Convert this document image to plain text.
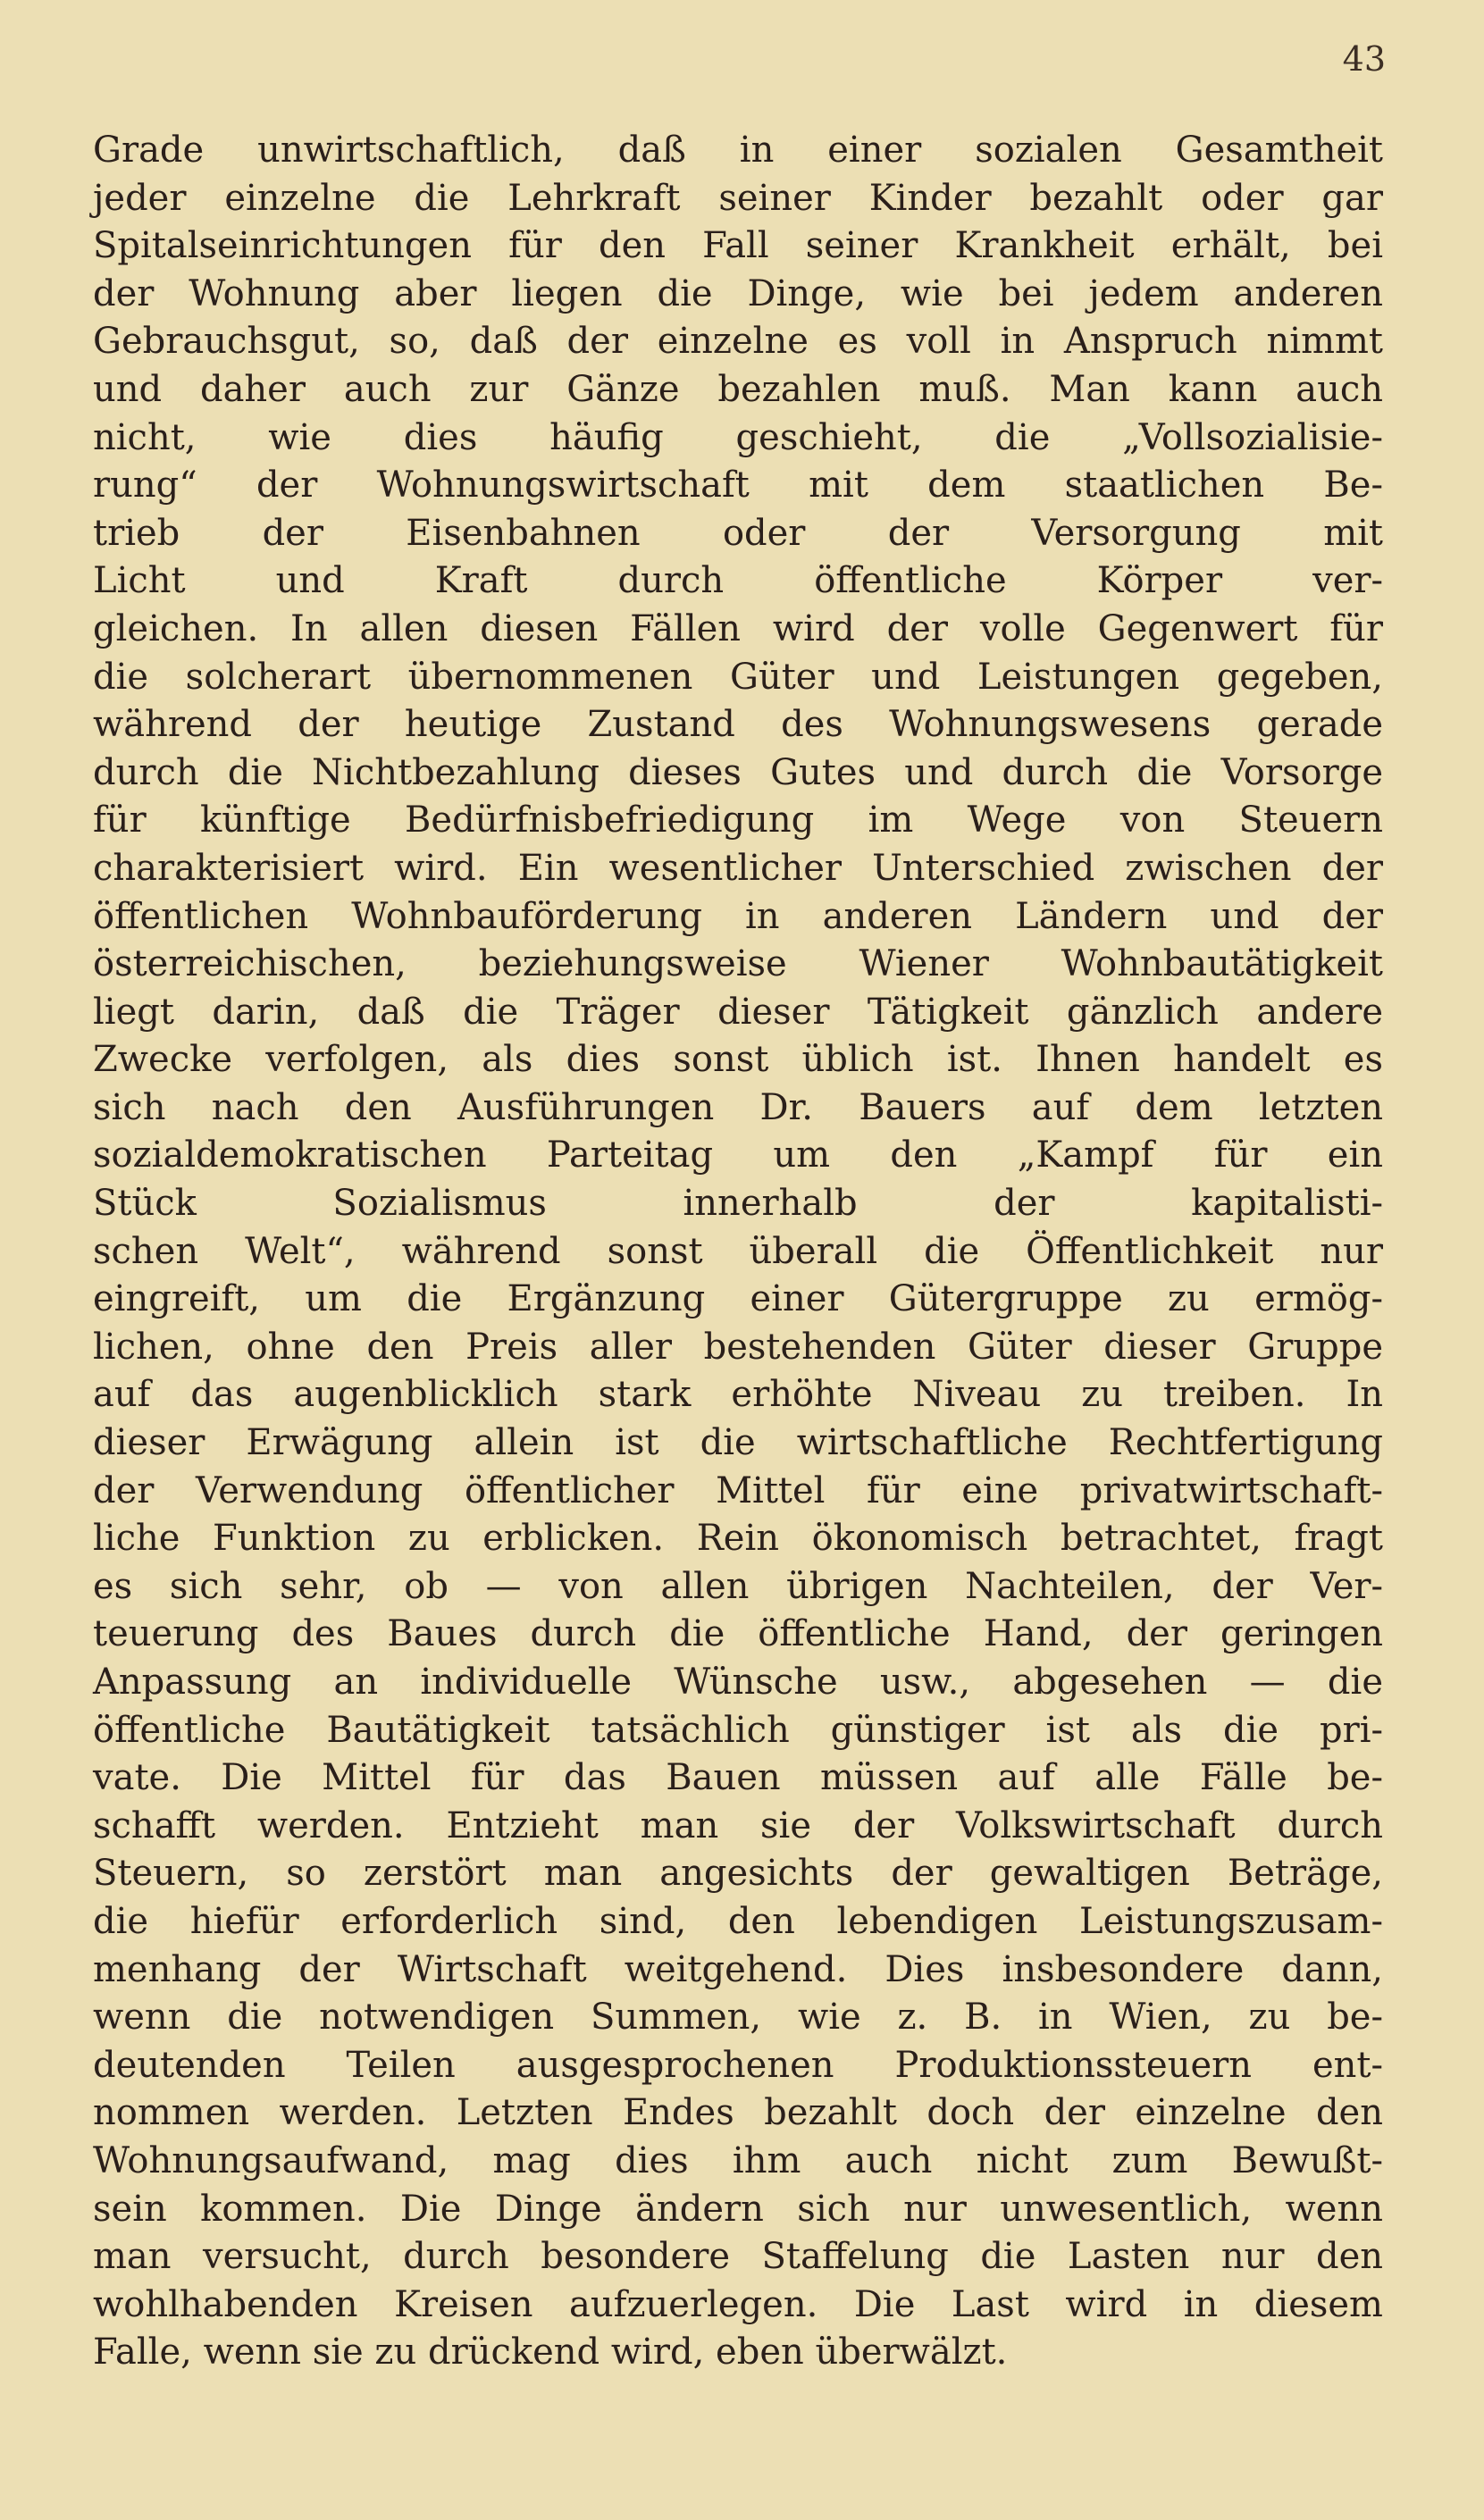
43
Grade unwirtschaftlich, daß in einer sozialen Gesamtheit
jeder einzelne die Lehrkraft seiner Kinder bezahlt oder gar
Spitalseinrichtungen für den Fall seiner Krankheit erhält, bei
der Wohnung aber liegen die Dinge, wie bei jedem anderen
Gebrauchsgut, so, daß der einzelne es voll in Anspruch nimmt
und daher auch zur Gänze bezahlen muß. Man kann auch
nicht, wie dies häufig geschieht, die „Vollsozialisie-
rung“ der Wohnungswirtschaft mit dem staatlichen Be-
trieb der Eisenbahnen oder der Versorgung mit
Licht und Kraft durch öffentliche Körper ver-
gleichen. In allen diesen Fällen wird der volle Gegenwert für
die solcherart übernommenen Güter und Leistungen gegeben,
während der heutige Zustand des Wohnungswesens gerade
durch die Nichtbezahlung dieses Gutes und durch die Vorsorge
für künftige Bedürfnisbefriedigung im Wege von Steuern
charakterisiert wird. Ein wesentlicher Unterschied zwischen der
öffentlichen Wohnbauförderung in anderen Ländern und der
österreichischen, beziehungsweise Wiener Wohnbautätigkeit
liegt darin, daß die Träger dieser Tätigkeit gänzlich andere
Zwecke verfolgen, als dies sonst üblich ist. Ihnen handelt es
sich nach den Ausführungen Dr. Bauers auf dem letzten
sozialdemokratischen Parteitag um den „Kampf für ein
Stück Sozialismus innerhalb der kapitalisti-
schen Welt“, während sonst überall die Öffentlichkeit nur
eingreift, um die Ergänzung einer Gütergruppe zu ermög-
lichen, ohne den Preis aller bestehenden Güter dieser Gruppe
auf das augenblicklich stark erhöhte Niveau zu treiben. In
dieser Erwägung allein ist die wirtschaftliche Rechtfertigung
der Verwendung öffentlicher Mittel für eine privatwirtschaft-
liche Funktion zu erblicken. Rein ökonomisch betrachtet, fragt
es sich sehr, ob — von allen übrigen Nachteilen, der Ver-
teuerung des Baues durch die öffentliche Hand, der geringen
Anpassung an individuelle Wünsche usw., abgesehen — die
öffentliche Bautätigkeit tatsächlich günstiger ist als die pri-
vate. Die Mittel für das Bauen müssen auf alle Fälle be-
schafft werden. Entzieht man sie der Volkswirtschaft durch
Steuern, so zerstört man angesichts der gewaltigen Beträge,
die hiefür erforderlich sind, den lebendigen Leistungszusam-
menhang der Wirtschaft weitgehend. Dies insbesondere dann,
wenn die notwendigen Summen, wie z. B. in Wien, zu be-
deutenden Teilen ausgesprochenen Produktionssteuern ent-
nommen werden. Letzten Endes bezahlt doch der einzelne den
Wohnungsaufwand, mag dies ihm auch nicht zum Bewußt-
sein kommen. Die Dinge ändern sich nur unwesentlich, wenn
man versucht, durch besondere Staffelung die Lasten nur den
wohlhabenden Kreisen aufzuerlegen. Die Last wird in diesem
Falle, wenn sie zu drückend wird, eben überwälzt.
